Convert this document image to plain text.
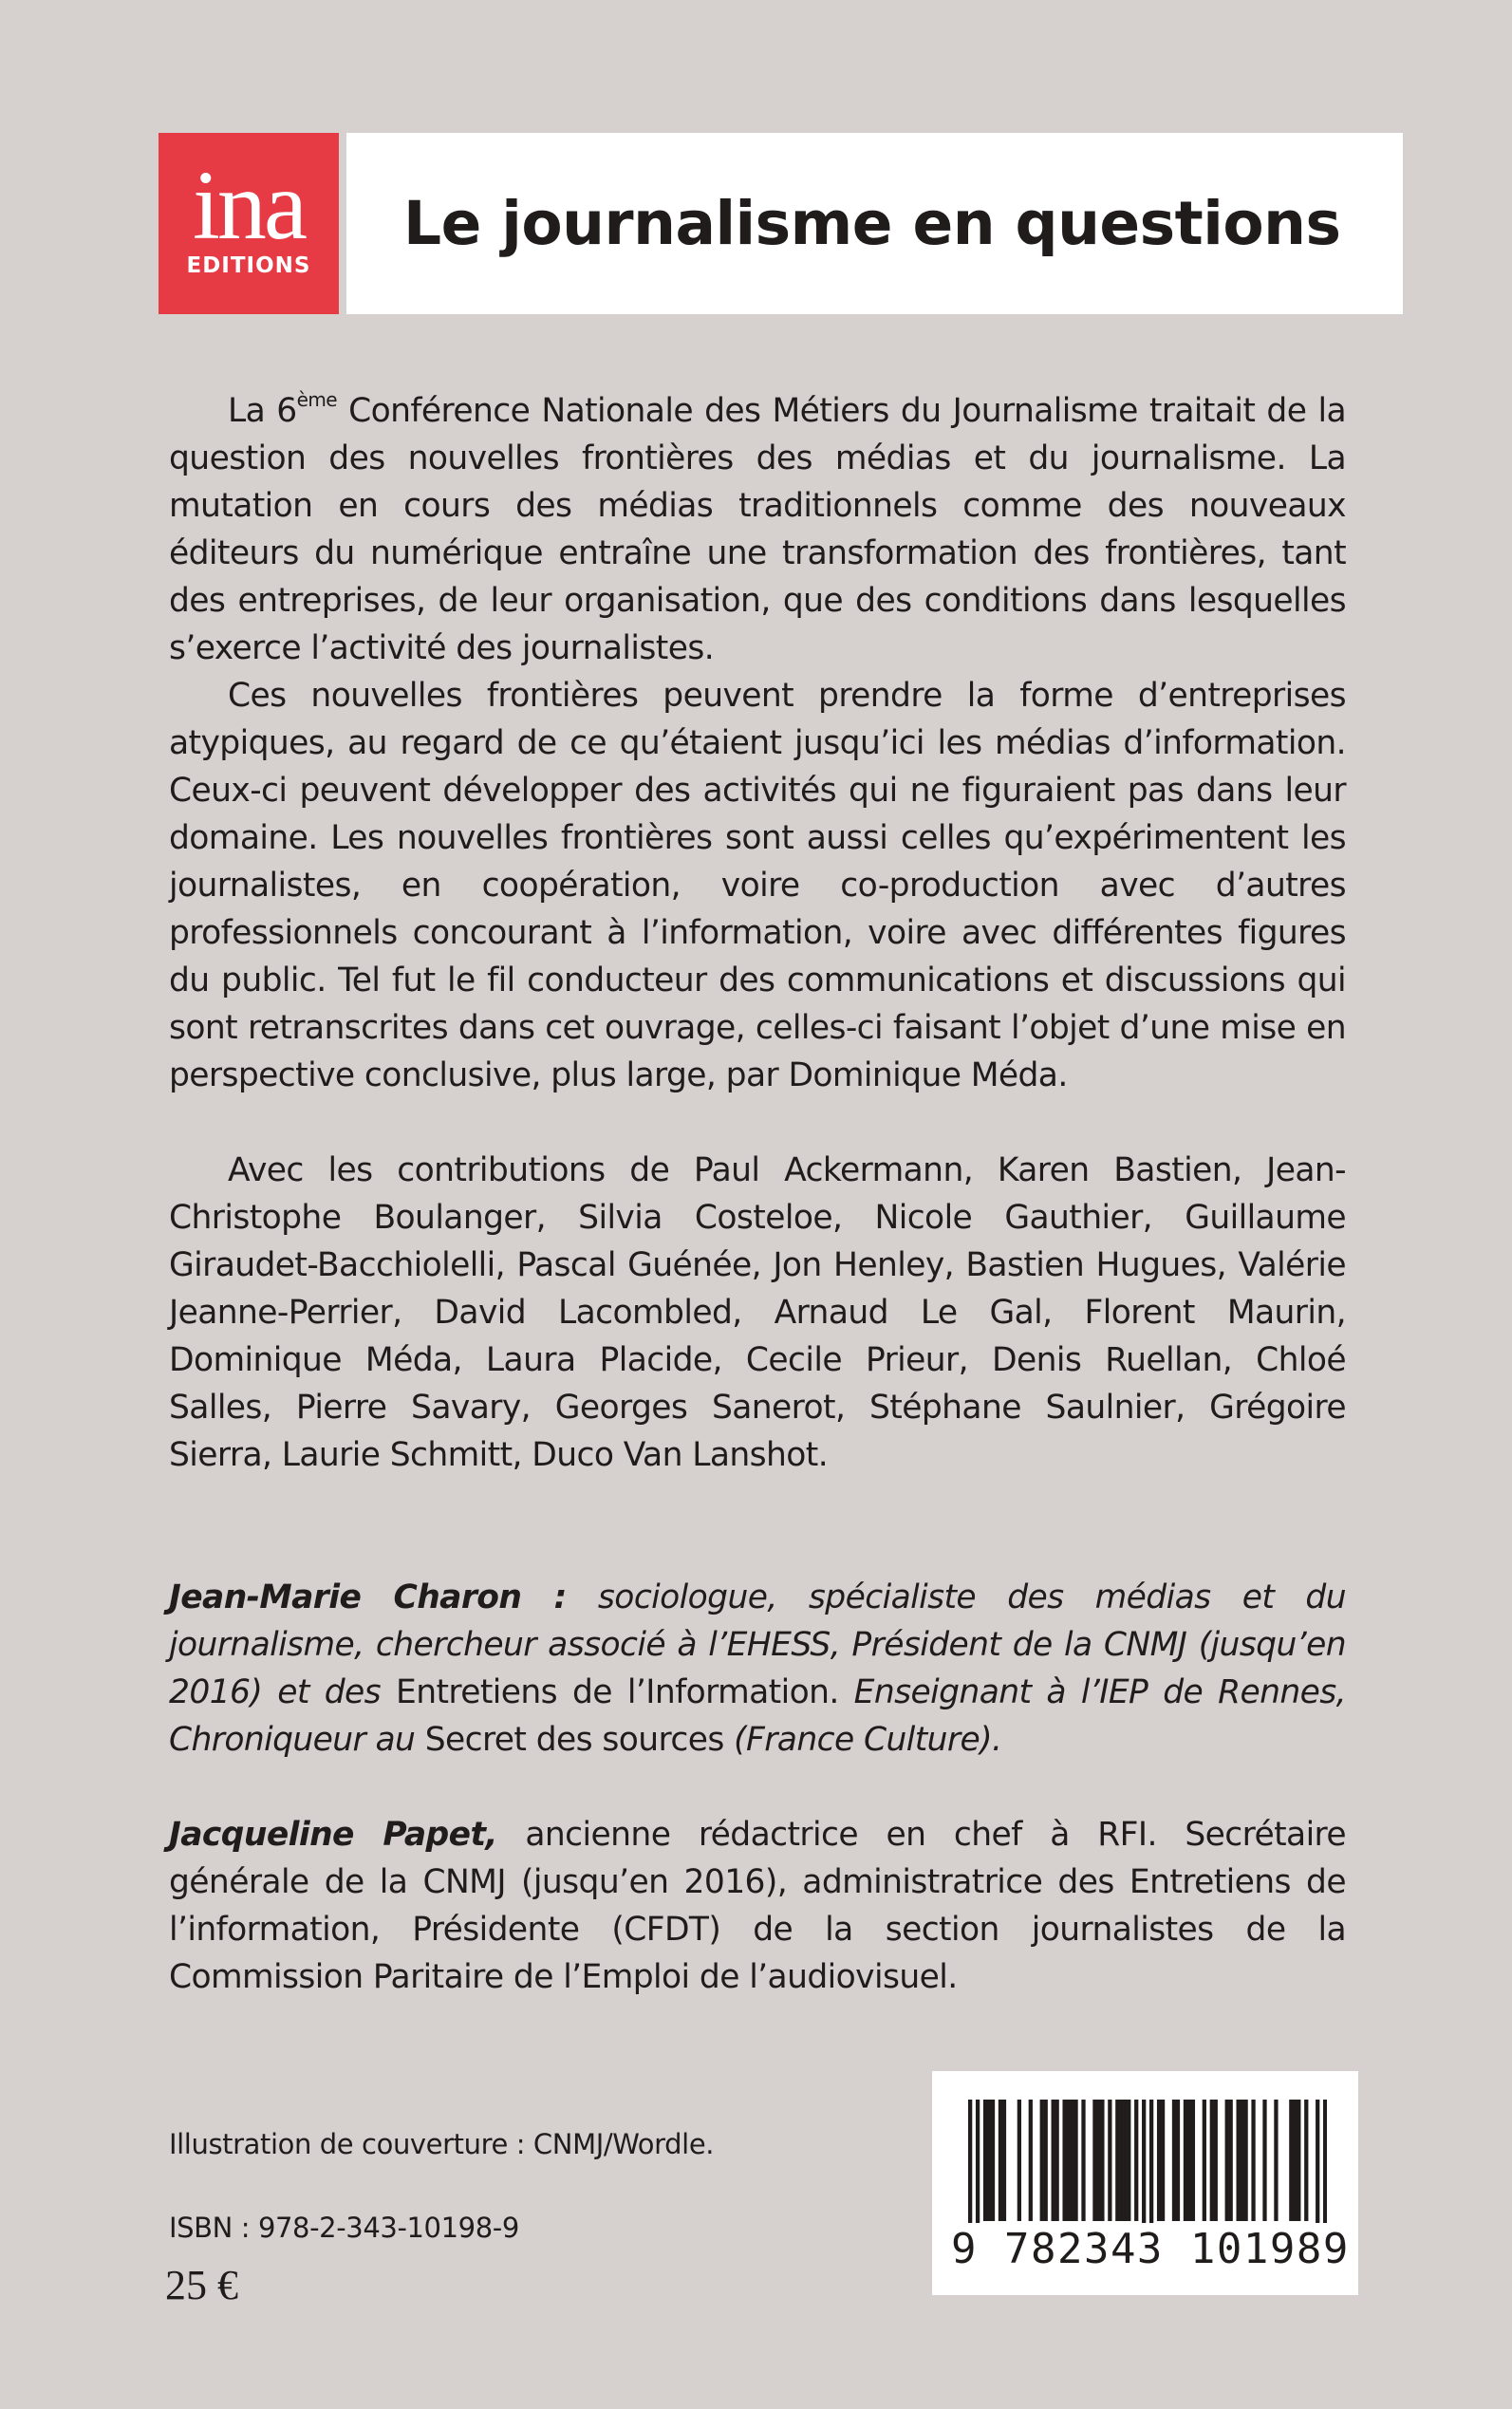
ina
EDITIONS
Le journalisme en questions

La 6ème Conférence Nationale des Métiers du Journalisme traitait de la question des nouvelles frontières des médias et du journalisme. La mutation en cours des médias traditionnels comme des nouveaux éditeurs du numérique entraîne une transformation des frontières, tant des entreprises, de leur organisation, que des conditions dans lesquelles s’exerce l’activité des journalistes.

Ces nouvelles frontières peuvent prendre la forme d’entreprises atypiques, au regard de ce qu’étaient jusqu’ici les médias d’information. Ceux-ci peuvent développer des activités qui ne figuraient pas dans leur domaine. Les nouvelles frontières sont aussi celles qu’expérimentent les journalistes, en coopération, voire co-production avec d’autres professionnels concourant à l’information, voire avec différentes figures du public. Tel fut le fil conducteur des communications et discussions qui sont retranscrites dans cet ouvrage, celles-ci faisant l’objet d’une mise en perspective conclusive, plus large, par Dominique Méda.

Avec les contributions de Paul Ackermann, Karen Bastien, Jean-Christophe Boulanger, Silvia Costeloe, Nicole Gauthier, Guillaume Giraudet-Bacchiolelli, Pascal Guénée, Jon Henley, Bastien Hugues, Valérie Jeanne-Perrier, David Lacombled, Arnaud Le Gal, Florent Maurin, Dominique Méda, Laura Placide, Cecile Prieur, Denis Ruellan, Chloé Salles, Pierre Savary, Georges Sanerot, Stéphane Saulnier, Grégoire Sierra, Laurie Schmitt, Duco Van Lanshot.

Jean-Marie Charon : sociologue, spécialiste des médias et du journalisme, chercheur associé à l’EHESS, Président de la CNMJ (jusqu’en 2016) et des Entretiens de l’Information. Enseignant à l’IEP de Rennes, Chroniqueur au Secret des sources (France Culture).

Jacqueline Papet, ancienne rédactrice en chef à RFI. Secrétaire générale de la CNMJ (jusqu’en 2016), administratrice des Entretiens de l’information, Présidente (CFDT) de la section journalistes de la Commission Paritaire de l’Emploi de l’audiovisuel.

Illustration de couverture : CNMJ/Wordle.
ISBN : 978-2-343-10198-9
25 €
9 782343 101989
